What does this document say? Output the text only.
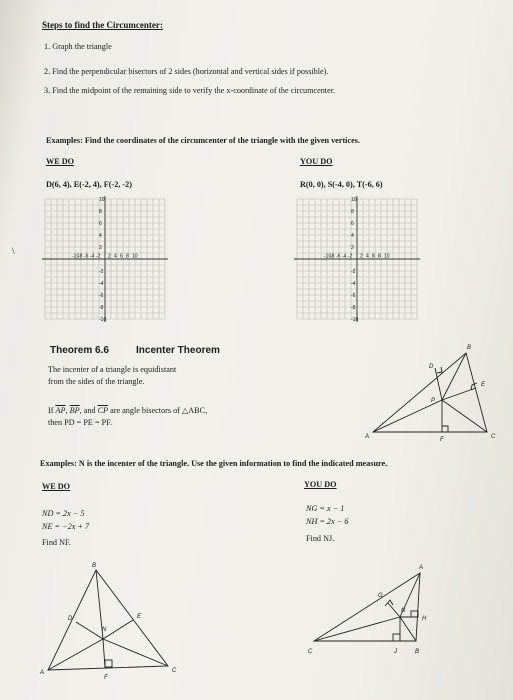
Steps to find the Circumcenter:
1. Graph the triangle
2. Find the perpendicular bisectors of 2 sides (horizontal and vertical sides if possible).
3. Find the midpoint of the remaining side to verify the x-coordinate of the circumcenter.
Examples: Find the coordinates of the circumcenter of the triangle with the given vertices.
WE DO	YOU DO
D(6, 4), E(-2, 4), F(-2, -2)	R(0, 0), S(-4, 0), T(-6, 6)
-10
-8 -6 -4 -2 2 4 6 8 10
10
8
6
4
2
-2
-4
-6
-8
-10
-10
-8 -6 -4 -2 2 4 6 8 10
10
8
6
4
2
-2
-4
-6
-8
-10
\
Theorem 6.6	Incenter Theorem
The incenter of a triangle is equidistant
from the sides of the triangle.
If $\overline{AP}$, $\overline{BP}$, and $\overline{CP}$ are angle bisectors of △ABC,
then PD = PE = PF.
A
B
C
D
E
F
P
Examples: N is the incenter of the triangle. Use the given information to find the indicated measure.
WE DO	YOU DO
ND = 2x − 5
NE = −2x + 7
Find NF.
NG = x − 1
NH = 2x − 6
Find NJ.
B
A	C
D	E
F
N
A
C	B
G
H
J
N
